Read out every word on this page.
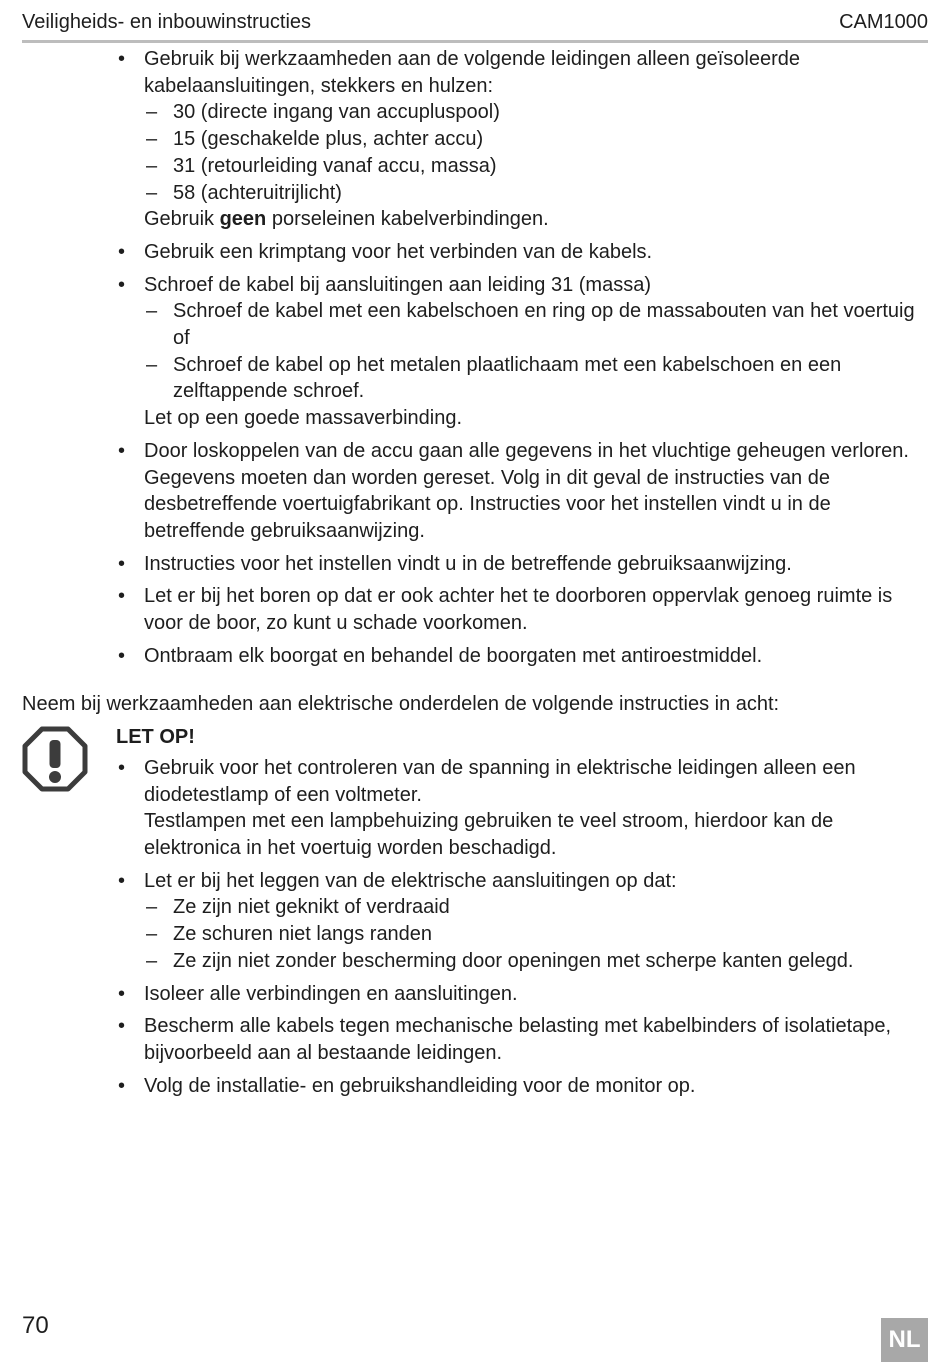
Veiligheids- en inbouwinstructies	CAM1000
• Gebruik bij werkzaamheden aan de volgende leidingen alleen geïsoleerde kabelaansluitingen, stekkers en hulzen:
– 30 (directe ingang van accupluspool)
– 15 (geschakelde plus, achter accu)
– 31 (retourleiding vanaf accu, massa)
– 58 (achteruitrijlicht)
Gebruik geen porseleinen kabelverbindingen.
• Gebruik een krimptang voor het verbinden van de kabels.
• Schroef de kabel bij aansluitingen aan leiding 31 (massa)
– Schroef de kabel met een kabelschoen en ring op de massabouten van het voertuig of
– Schroef de kabel op het metalen plaatlichaam met een kabelschoen en een zelftappende schroef.
Let op een goede massaverbinding.
• Door loskoppelen van de accu gaan alle gegevens in het vluchtige geheugen verloren. Gegevens moeten dan worden gereset. Volg in dit geval de instructies van de desbetreffende voertuigfabrikant op. Instructies voor het instellen vindt u in de betreffende gebruiksaanwijzing.
• Instructies voor het instellen vindt u in de betreffende gebruiksaanwijzing.
• Let er bij het boren op dat er ook achter het te doorboren oppervlak genoeg ruimte is voor de boor, zo kunt u schade voorkomen.
• Ontbraam elk boorgat en behandel de boorgaten met antiroestmiddel.
Neem bij werkzaamheden aan elektrische onderdelen de volgende instructies in acht:
LET OP!
• Gebruik voor het controleren van de spanning in elektrische leidingen alleen een diodetestlamp of een voltmeter.
Testlampen met een lampbehuizing gebruiken te veel stroom, hierdoor kan de elektronica in het voertuig worden beschadigd.
• Let er bij het leggen van de elektrische aansluitingen op dat:
– Ze zijn niet geknikt of verdraaid
– Ze schuren niet langs randen
– Ze zijn niet zonder bescherming door openingen met scherpe kanten gelegd.
• Isoleer alle verbindingen en aansluitingen.
• Bescherm alle kabels tegen mechanische belasting met kabelbinders of isolatietape, bijvoorbeeld aan al bestaande leidingen.
• Volg de installatie- en gebruikshandleiding voor de monitor op.
70
NL
